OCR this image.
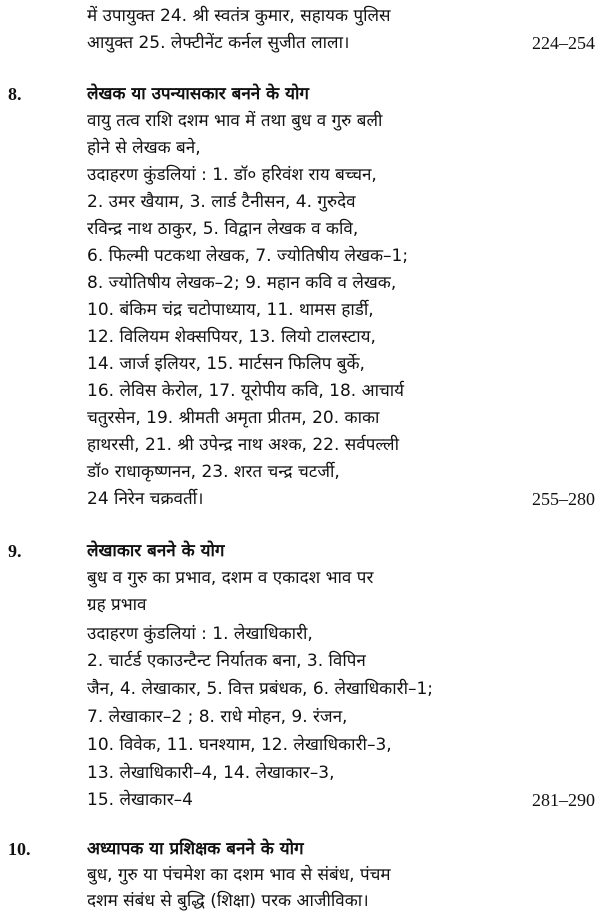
में उपायुक्त 24. श्री स्वतंत्र कुमार, सहायक पुलिस
आयुक्त 25. लेफ्टीनेंट कर्नल सुजीत लाला।	224–254
8.	लेखक या उपन्यासकार बनने के योग
वायु तत्व राशि दशम भाव में तथा बुध व गुरु बली
होने से लेखक बने,
उदाहरण कुंडलियां : 1. डॉ० हरिवंश राय बच्चन,
2. उमर खैयाम, 3. लार्ड टैनीसन, 4. गुरुदेव
रविन्द्र नाथ ठाकुर, 5. विद्वान लेखक व कवि,
6. फिल्मी पटकथा लेखक, 7. ज्योतिषीय लेखक–1;
8. ज्योतिषीय लेखक–2; 9. महान कवि व लेखक,
10. बंकिम चंद्र चटोपाध्याय, 11. थामस हार्डी,
12. विलियम शेक्सपियर, 13. लियो टालस्टाय,
14. जार्ज इलियर, 15. मार्टसन फिलिप बुर्के,
16. लेविस केरोल, 17. यूरोपीय कवि, 18. आचार्य
चतुरसेन, 19. श्रीमती अमृता प्रीतम, 20. काका
हाथरसी, 21. श्री उपेन्द्र नाथ अश्क, 22. सर्वपल्ली
डॉ० राधाकृष्णनन, 23. शरत चन्द्र चटर्जी,
24 निरेन चक्रवर्ती।	255–280
9.	लेखाकार बनने के योग
बुध व गुरु का प्रभाव, दशम व एकादश भाव पर
ग्रह प्रभाव
उदाहरण कुंडलियां : 1. लेखाधिकारी,
2. चार्टर्ड एकाउन्टैन्ट निर्यातक बना, 3. विपिन
जैन, 4. लेखाकार, 5. वित्त प्रबंधक, 6. लेखाधिकारी–1;
7. लेखाकार–2 ; 8. राधे मोहन, 9. रंजन,
10. विवेक, 11. घनश्याम, 12. लेखाधिकारी–3,
13. लेखाधिकारी–4, 14. लेखाकार–3,
15. लेखाकार–4	281–290
10.	अध्यापक या प्रशिक्षक बनने के योग
बुध, गुरु या पंचमेश का दशम भाव से संबंध, पंचम
दशम संबंध से बुद्धि (शिक्षा) परक आजीविका।
